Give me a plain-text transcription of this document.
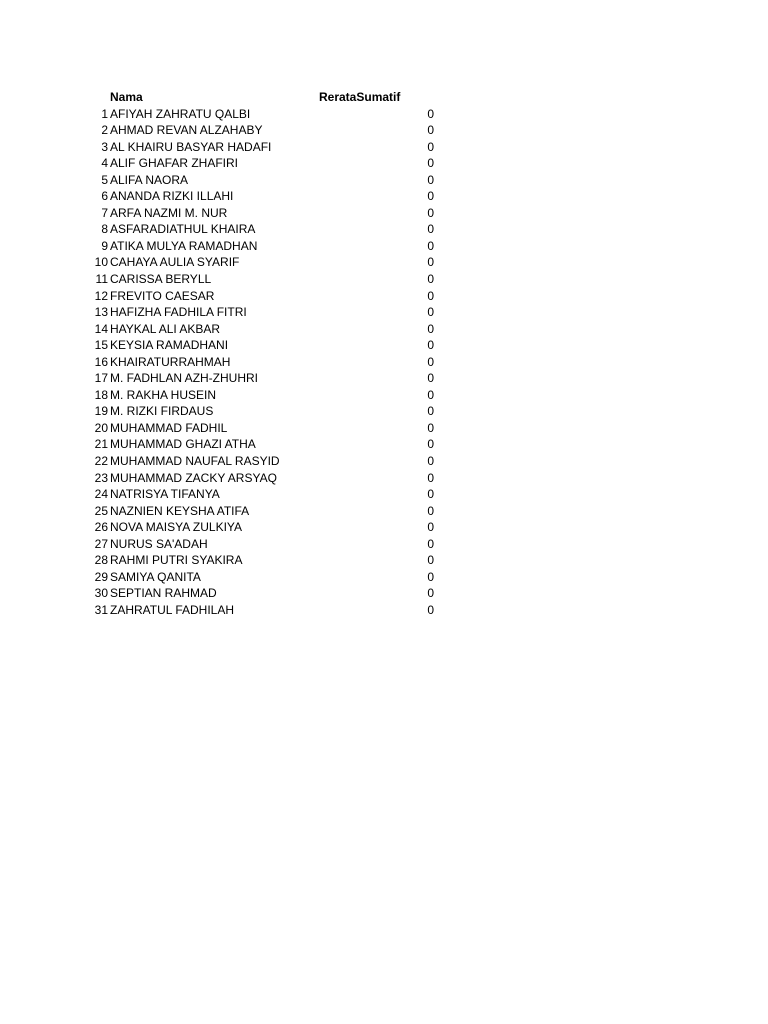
Nama	RerataSumatif
1 AFIYAH ZAHRATU QALBI	0
2 AHMAD REVAN ALZAHABY	0
3 AL KHAIRU BASYAR HADAFI	0
4 ALIF GHAFAR ZHAFIRI	0
5 ALIFA NAORA	0
6 ANANDA RIZKI ILLAHI	0
7 ARFA NAZMI M. NUR	0
8 ASFARADIATHUL KHAIRA	0
9 ATIKA MULYA RAMADHAN	0
10 CAHAYA AULIA SYARIF	0
11 CARISSA BERYLL	0
12 FREVITO CAESAR	0
13 HAFIZHA FADHILA FITRI	0
14 HAYKAL ALI AKBAR	0
15 KEYSIA RAMADHANI	0
16 KHAIRATURRAHMAH	0
17 M. FADHLAN AZH-ZHUHRI	0
18 M. RAKHA HUSEIN	0
19 M. RIZKI FIRDAUS	0
20 MUHAMMAD FADHIL	0
21 MUHAMMAD GHAZI ATHA	0
22 MUHAMMAD NAUFAL RASYID	0
23 MUHAMMAD ZACKY ARSYAQ	0
24 NATRISYA TIFANYA	0
25 NAZNIEN KEYSHA ATIFA	0
26 NOVA MAISYA ZULKIYA	0
27 NURUS SA'ADAH	0
28 RAHMI PUTRI SYAKIRA	0
29 SAMIYA QANITA	0
30 SEPTIAN RAHMAD	0
31 ZAHRATUL FADHILAH	0
